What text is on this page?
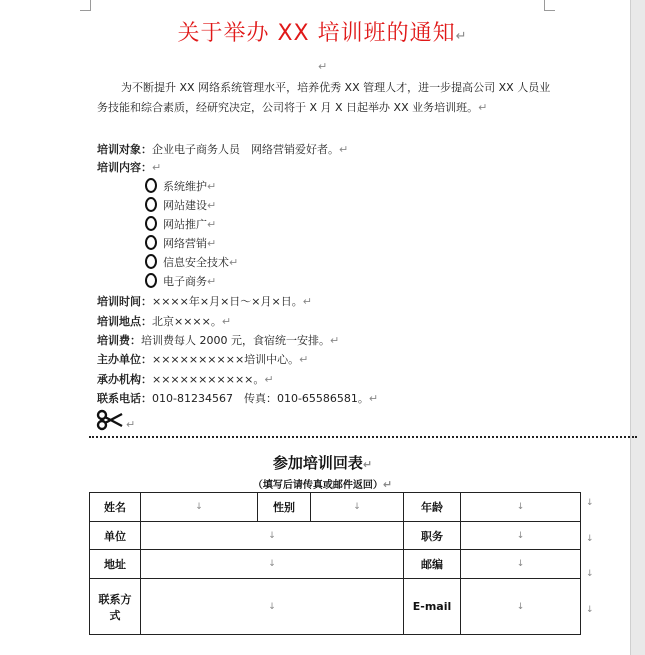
关于举办 XX 培训班的通知↵
↵
为不断提升 XX 网络系统管理水平，培养优秀 XX 管理人才，进一步提高公司 XX 人员业务技能和综合素质，经研究决定，公司将于 X 月 X 日起举办 XX 业务培训班。↵
培训对象：企业电子商务人员　网络营销爱好者。↵
培训内容：↵
系统维护↵
网站建设↵
网站推广↵
网络营销↵
信息安全技术↵
电子商务↵
培训时间：××××年×月×日～×月×日。↵
培训地点：北京××××。↵
培训费：培训费每人 2000 元，食宿统一安排。↵
主办单位：××××××××××培训中心。↵
承办机构：×××××××××××。↵
联系电话：010-81234567　传真：010-65586581。↵
↵
参加培训回表↵
（填写后请传真或邮件返回）↵
姓名	↓	性别	↓	年龄	↓
单位	↓			职务	↓
地址	↓			邮编	↓
联系方式	↓			E-mail	↓
↓
↓
↓
↓
